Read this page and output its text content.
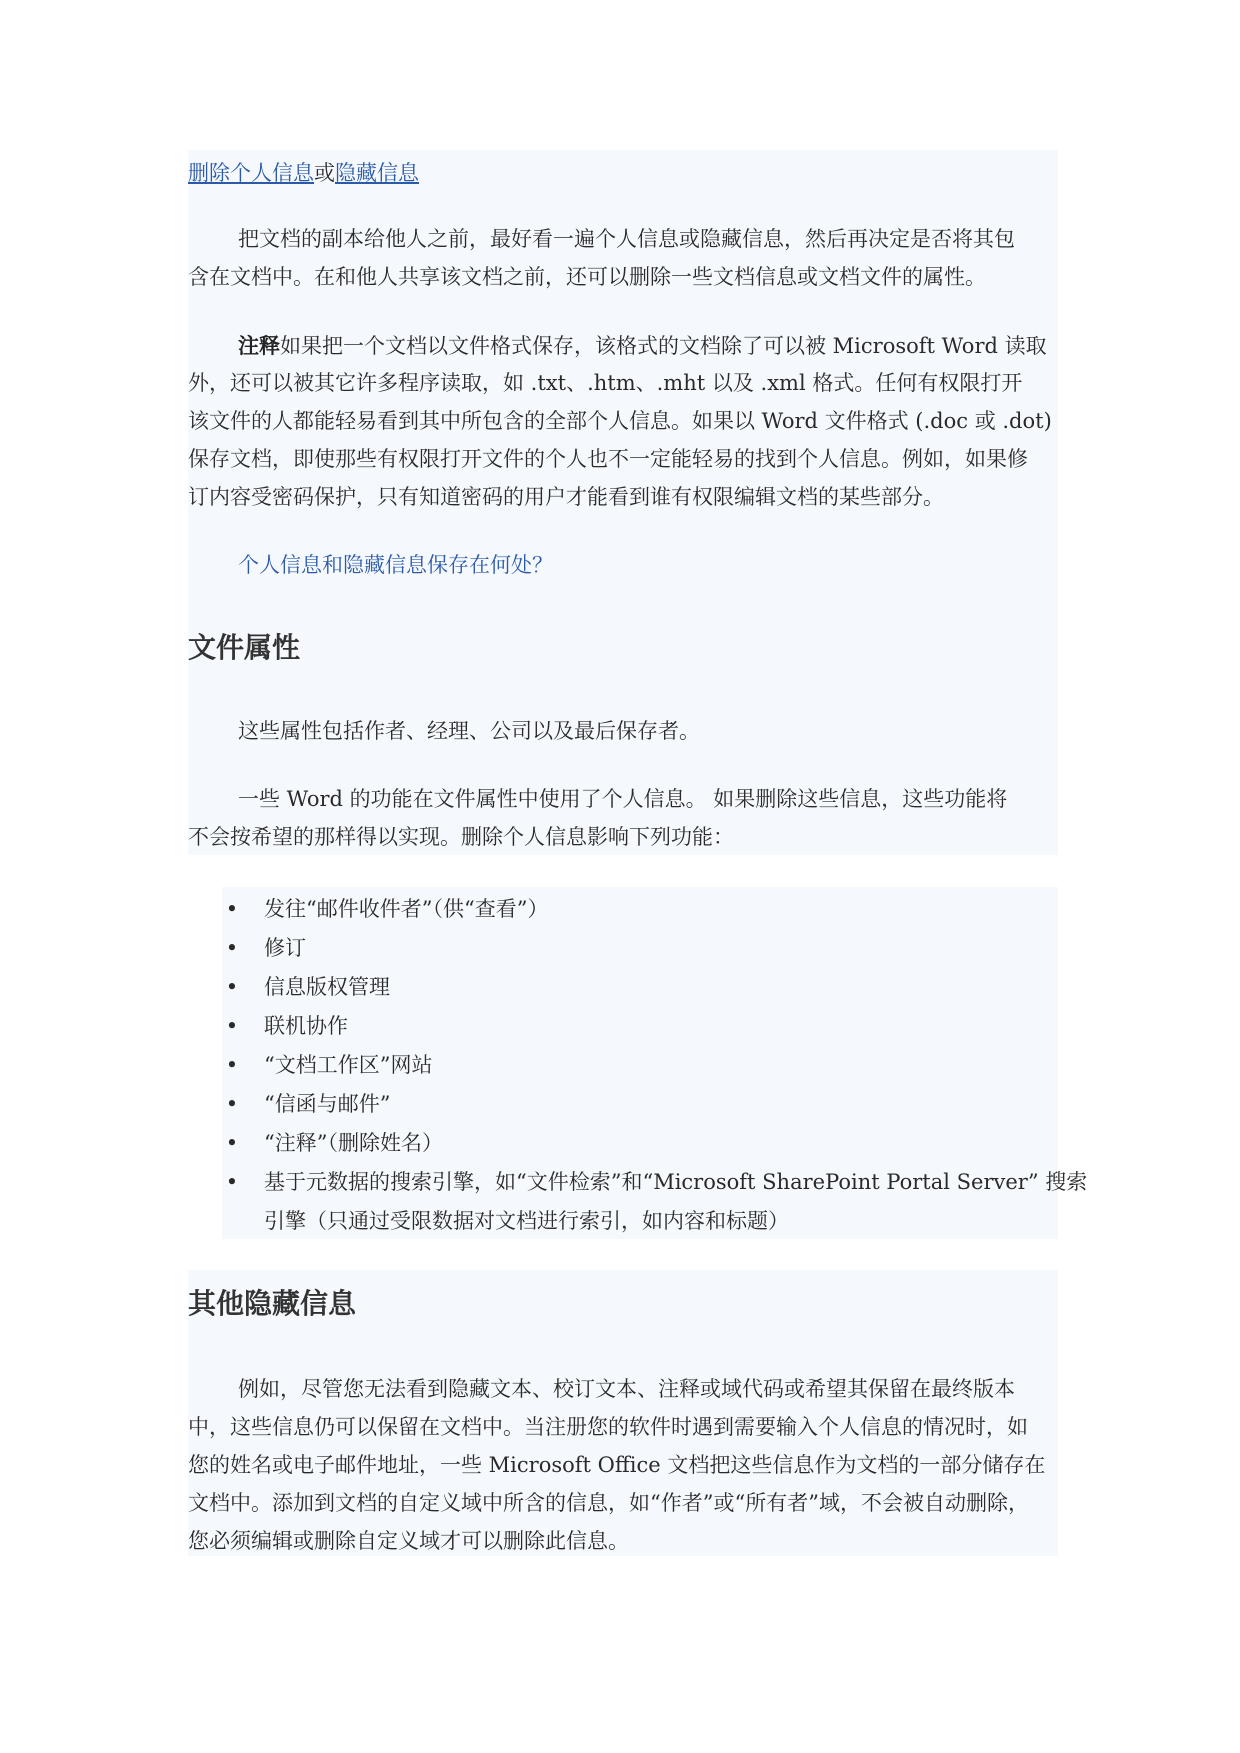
删除个人信息或隐藏信息
把文档的副本给他人之前，最好看一遍个人信息或隐藏信息，然后再决定是否将其包
含在文档中。在和他人共享该文档之前，还可以删除一些文档信息或文档文件的属性。
注释如果把一个文档以文件格式保存，该格式的文档除了可以被 Microsoft Word 读取
外，还可以被其它许多程序读取，如 .txt、.htm、.mht 以及 .xml 格式。任何有权限打开
该文件的人都能轻易看到其中所包含的全部个人信息。如果以 Word 文件格式 (.doc 或 .dot)
保存文档，即使那些有权限打开文件的个人也不一定能轻易的找到个人信息。例如，如果修
订内容受密码保护，只有知道密码的用户才能看到谁有权限编辑文档的某些部分。
个人信息和隐藏信息保存在何处？
文件属性
这些属性包括作者、经理、公司以及最后保存者。
一些 Word 的功能在文件属性中使用了个人信息。 如果删除这些信息，这些功能将
不会按希望的那样得以实现。删除个人信息影响下列功能：
• 发往“邮件收件者”（供“查看”）
• 修订
• 信息版权管理
• 联机协作
• “文档工作区”网站
• “信函与邮件”
• “注释”（删除姓名）
• 基于元数据的搜索引擎，如“文件检索”和“Microsoft SharePoint Portal Server” 搜索
引擎（只通过受限数据对文档进行索引，如内容和标题）
其他隐藏信息
例如，尽管您无法看到隐藏文本、校订文本、注释或域代码或希望其保留在最终版本
中，这些信息仍可以保留在文档中。当注册您的软件时遇到需要输入个人信息的情况时，如
您的姓名或电子邮件地址，一些 Microsoft Office 文档把这些信息作为文档的一部分储存在
文档中。添加到文档的自定义域中所含的信息，如“作者”或“所有者”域，不会被自动删除，
您必须编辑或删除自定义域才可以删除此信息。
